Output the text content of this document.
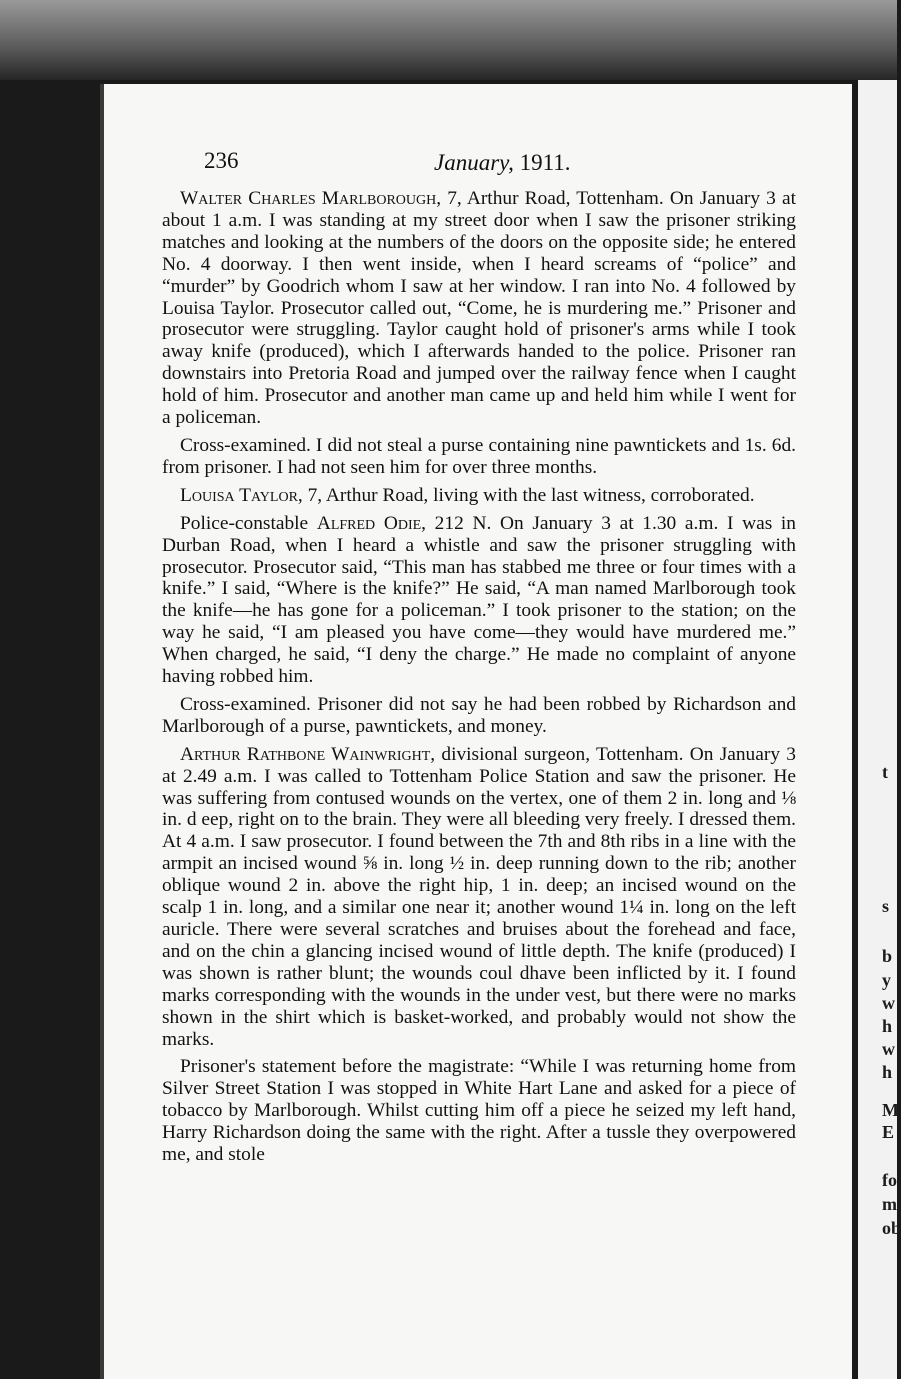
t
s
b
y
w
h
w
h
M
E
fo
m
ob
236	January, 1911.

Walter Charles Marlborough, 7, Arthur Road, Tottenham. On January 3 at about 1 a.m. I was standing at my street door when I saw the prisoner striking matches and looking at the numbers of the doors on the opposite side; he entered No. 4 doorway. I then went inside, when I heard screams of “police” and “murder” by Goodrich whom I saw at her window. I ran into No. 4 followed by Louisa Taylor. Prosecutor called out, “Come, he is murdering me.” Prisoner and prosecutor were struggling. Taylor caught hold of prisoner's arms while I took away knife (produced), which I afterwards handed to the police. Prisoner ran downstairs into Pretoria Road and jumped over the railway fence when I caught hold of him. Prosecutor and another man came up and held him while I went for a policeman.

Cross-examined. I did not steal a purse containing nine pawntickets and 1s. 6d. from prisoner. I had not seen him for over three months.

Louisa Taylor, 7, Arthur Road, living with the last witness, corroborated.

Police-constable Alfred Odie, 212 N. On January 3 at 1.30 a.m. I was in Durban Road, when I heard a whistle and saw the prisoner struggling with prosecutor. Prosecutor said, “This man has stabbed me three or four times with a knife.” I said, “Where is the knife?” He said, “A man named Marlborough took the knife—he has gone for a policeman.” I took prisoner to the station; on the way he said, “I am pleased you have come—they would have murdered me.” When charged, he said, “I deny the charge.” He made no complaint of anyone having robbed him.

Cross-examined. Prisoner did not say he had been robbed by Richardson and Marlborough of a purse, pawntickets, and money.

Arthur Rathbone Wainwright, divisional surgeon, Tottenham. On January 3 at 2.49 a.m. I was called to Tottenham Police Station and saw the prisoner. He was suffering from contused wounds on the vertex, one of them 2 in. long and ⅛ in. d eep, right on to the brain. They were all bleeding very freely. I dressed them. At 4 a.m. I saw prosecutor. I found between the 7th and 8th ribs in a line with the armpit an incised wound ⅝ in. long ½ in. deep running down to the rib; another oblique wound 2 in. above the right hip, 1 in. deep; an incised wound on the scalp 1 in. long, and a similar one near it; another wound 1¼ in. long on the left auricle. There were several scratches and bruises about the forehead and face, and on the chin a glancing incised wound of little depth. The knife (produced) I was shown is rather blunt; the wounds coul dhave been inflicted by it. I found marks corresponding with the wounds in the under vest, but there were no marks shown in the shirt which is basket-worked, and probably would not show the marks.

Prisoner's statement before the magistrate: “While I was returning home from Silver Street Station I was stopped in White Hart Lane and asked for a piece of tobacco by Marlborough. Whilst cutting him off a piece he seized my left hand, Harry Richardson doing the same with the right. After a tussle they overpowered me, and stole
